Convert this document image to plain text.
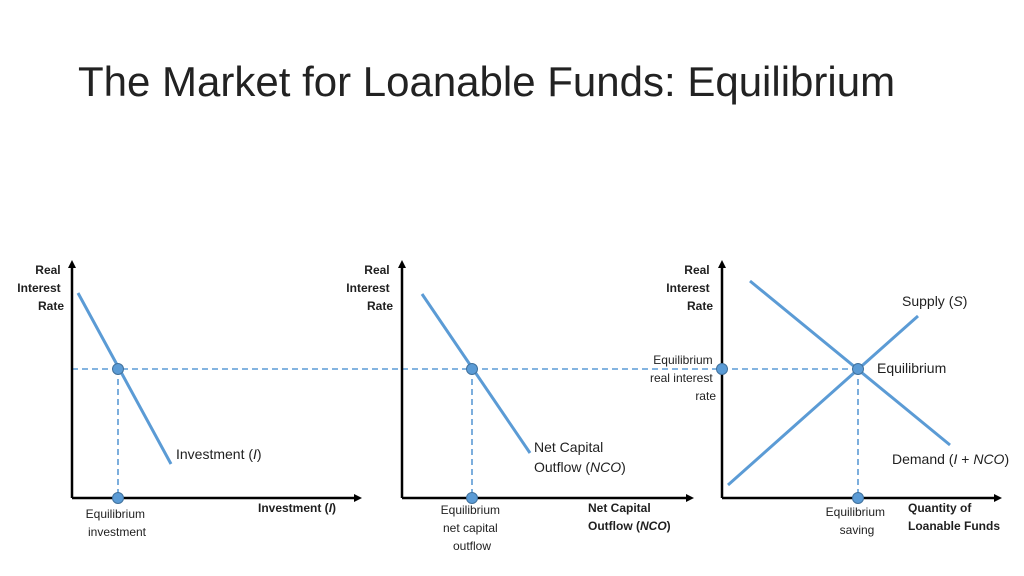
The Market for Loanable Funds: Equilibrium
Real Interest Rate
Investment (I)
Investment (I)
Equilibrium investment
Real Interest Rate
Net Capital Outflow (NCO)
Net Capital Outflow (NCO)
Equilibrium net capital outflow
Real Interest Rate	Supply (S)
Equilibrium
Demand (I + NCO)
Equilibrium real interest rate
Quantity of Loanable Funds
Equilibrium saving
